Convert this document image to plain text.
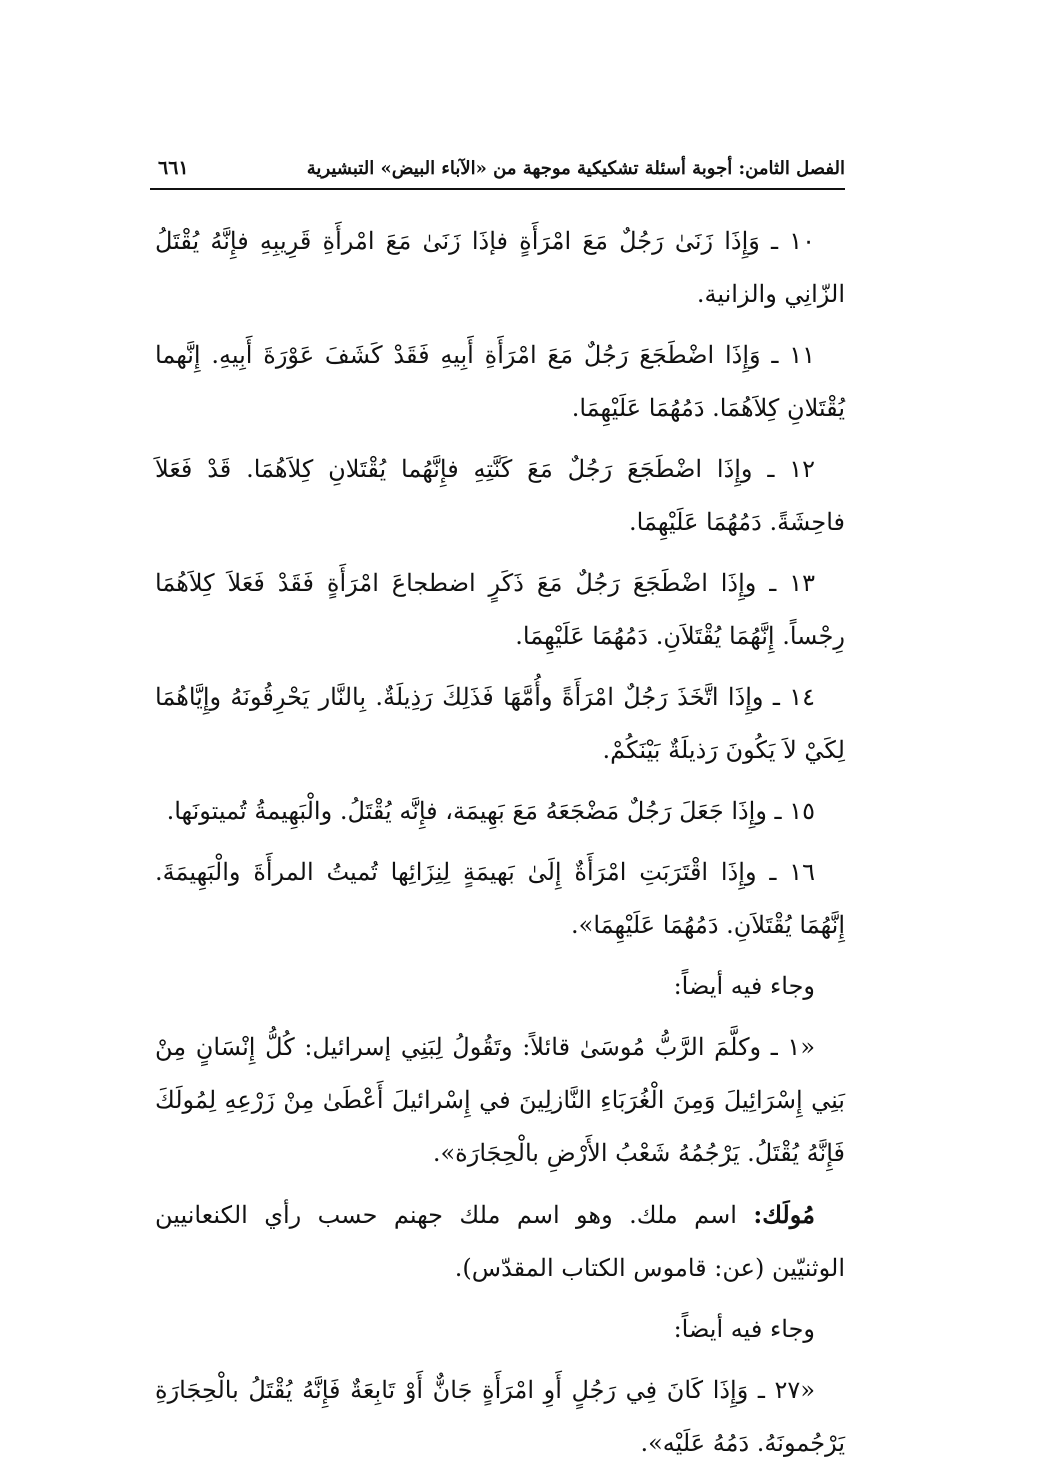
الفصل الثامن: أجوبة أسئلة تشكيكية موجهة من «الآباء البيض» التبشيرية
٦٦١

١٠ ـ وَإِذَا زَنَىٰ رَجُلٌ مَعَ امْرَأَةٍ فإذَا زَنَىٰ مَعَ امْرأَةِ قَرِيبِهِ فإِنَّهُ يُقْتَلُ الزّانِي والزانية.

١١ ـ وَإِذَا اضْطَجَعَ رَجُلٌ مَعَ امْرَأَةِ أَبِيهِ فَقَدْ كَشَفَ عَوْرَةَ أَبِيهِ. إِنَّهما يُقْتَلانِ كِلاَهُمَا. دَمُهُمَا عَلَيْهِمَا.

١٢ ـ وإِذَا اضْطَجَعَ رَجُلٌ مَعَ كَنَّتِهِ فإِنَّهُما يُقْتَلانِ كِلاَهُمَا. قَدْ فَعَلاَ فاحِشَةً. دَمُهُمَا عَلَيْهِمَا.

١٣ ـ وإِذَا اضْطَجَعَ رَجُلٌ مَعَ ذَكَرٍ اضطجاعَ امْرَأَةٍ فَقَدْ فَعَلاَ كِلاَهُمَا رِجْساً. إِنَّهُمَا يُقْتَلاَنِ. دَمُهُمَا عَلَيْهِمَا.

١٤ ـ وإِذَا اتَّخَذَ رَجُلٌ امْرَأَةً وأُمَّهَا فَذَلِكَ رَذِيلَةٌ. بِالنَّار يَحْرِقُونَهُ وإِيَّاهُمَا لِكَيْ لاَ يَكُونَ رَذيلَةٌ بَيْنَكُمْ.

١٥ ـ وإِذَا جَعَلَ رَجُلٌ مَضْجَعَهُ مَعَ بَهِيمَة، فإِنَّه يُقْتَلُ. والْبَهِيمةُ تُميتونَها.

١٦ ـ وإِذَا اقْتَرَبَتِ امْرَأَةٌ إِلَىٰ بَهيمَةٍ لِنِزَائِها تُميتُ المرأَةَ والْبَهِيمَةَ. إِنَّهُمَا يُقْتَلاَنِ. دَمُهُمَا عَلَيْهِمَا».

وجاء فيه أيضاً:

«١ ـ وكلَّمَ الرَّبُّ مُوسَىٰ قائلاً: وتَقُولُ لِبَنِي إسرائيل: كُلُّ إِنْسَانٍ مِنْ بَنِي إِسْرَائِيلَ وَمِنَ الْغُرَبَاءِ النَّازلِينَ في إِسْرائيلَ أَعْطَىٰ مِنْ زَرْعِهِ لِمُولَكَ فَإِنَّهُ يُقْتَلُ. يَرْجُمُهُ شَعْبُ الأَرْضِ بالْحِجَارَة».

مُولَك: اسم ملك. وهو اسم ملك جهنم حسب رأي الكنعانيين الوثنيّين (عن: قاموس الكتاب المقدّس).

وجاء فيه أيضاً:

«٢٧ ـ وَإِذَا كَانَ فِي رَجُلٍ أَوِ امْرَأَةٍ جَانٌّ أَوْ تَابِعَةٌ فَإِنَّهُ يُقْتَلُ بالْحِجَارَةِ يَرْجُمونَهُ. دَمُهُ عَلَيْه».
